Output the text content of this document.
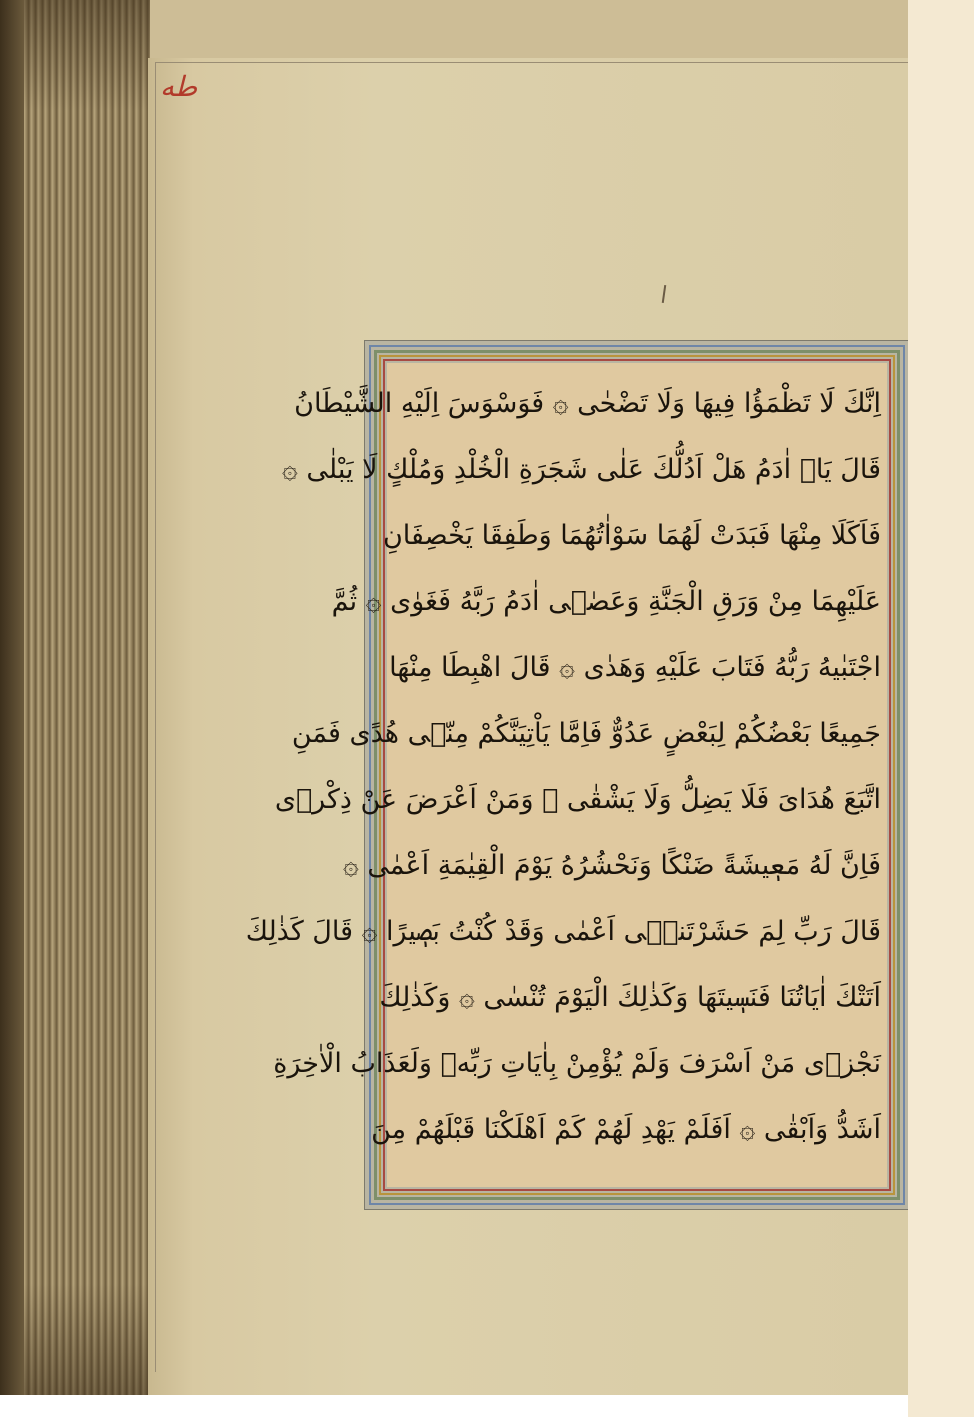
طه
اِنَّكَ لَا تَظْمَؤُا فِيهَا وَلَا تَضْحٰى ۞ فَوَسْوَسَ اِلَيْهِ الشَّيْطَانُ
قَالَ يَاۤ اٰدَمُ هَلْ اَدُلُّكَ عَلٰى شَجَرَةِ الْخُلْدِ وَمُلْكٍ لَا يَبْلٰى ۞
فَاَكَلَا مِنْهَا فَبَدَتْ لَهُمَا سَوْاٰتُهُمَا وَطَفِقَا يَخْصِفَانِ
عَلَيْهِمَا مِنْ وَرَقِ الْجَنَّةِ وَعَصٰۤى اٰدَمُ رَبَّهُ فَغَوٰى ۞ ثُمَّ
اجْتَبٰيهُ رَبُّهُ فَتَابَ عَلَيْهِ وَهَدٰى ۞ قَالَ اهْبِطَا مِنْهَا
جَمِيعًا بَعْضُكُمْ لِبَعْضٍ عَدُوٌّ فَاِمَّا يَاْتِيَنَّكُمْ مِنّٖى هُدًى فَمَنِ
اتَّبَعَ هُدَاىَ فَلَا يَضِلُّ وَلَا يَشْقٰى ۞ وَمَنْ اَعْرَضَ عَنْ ذِكْرٖى
فَاِنَّ لَهُ مَعٖيشَةً ضَنْكًا وَنَحْشُرُهُ يَوْمَ الْقِيٰمَةِ اَعْمٰى ۞
قَالَ رَبِّ لِمَ حَشَرْتَنٖۤى اَعْمٰى وَقَدْ كُنْتُ بَصٖيرًا ۞ قَالَ كَذٰلِكَ
اَتَتْكَ اٰيَاتُنَا فَنَسٖيتَهَا وَكَذٰلِكَ الْيَوْمَ تُنْسٰى ۞ وَكَذٰلِكَ
نَجْزٖى مَنْ اَسْرَفَ وَلَمْ يُؤْمِنْ بِاٰيَاتِ رَبِّهٖ وَلَعَذَابُ الْاٰخِرَةِ
اَشَدُّ وَاَبْقٰى ۞ اَفَلَمْ يَهْدِ لَهُمْ كَمْ اَهْلَكْنَا قَبْلَهُمْ مِنَ
